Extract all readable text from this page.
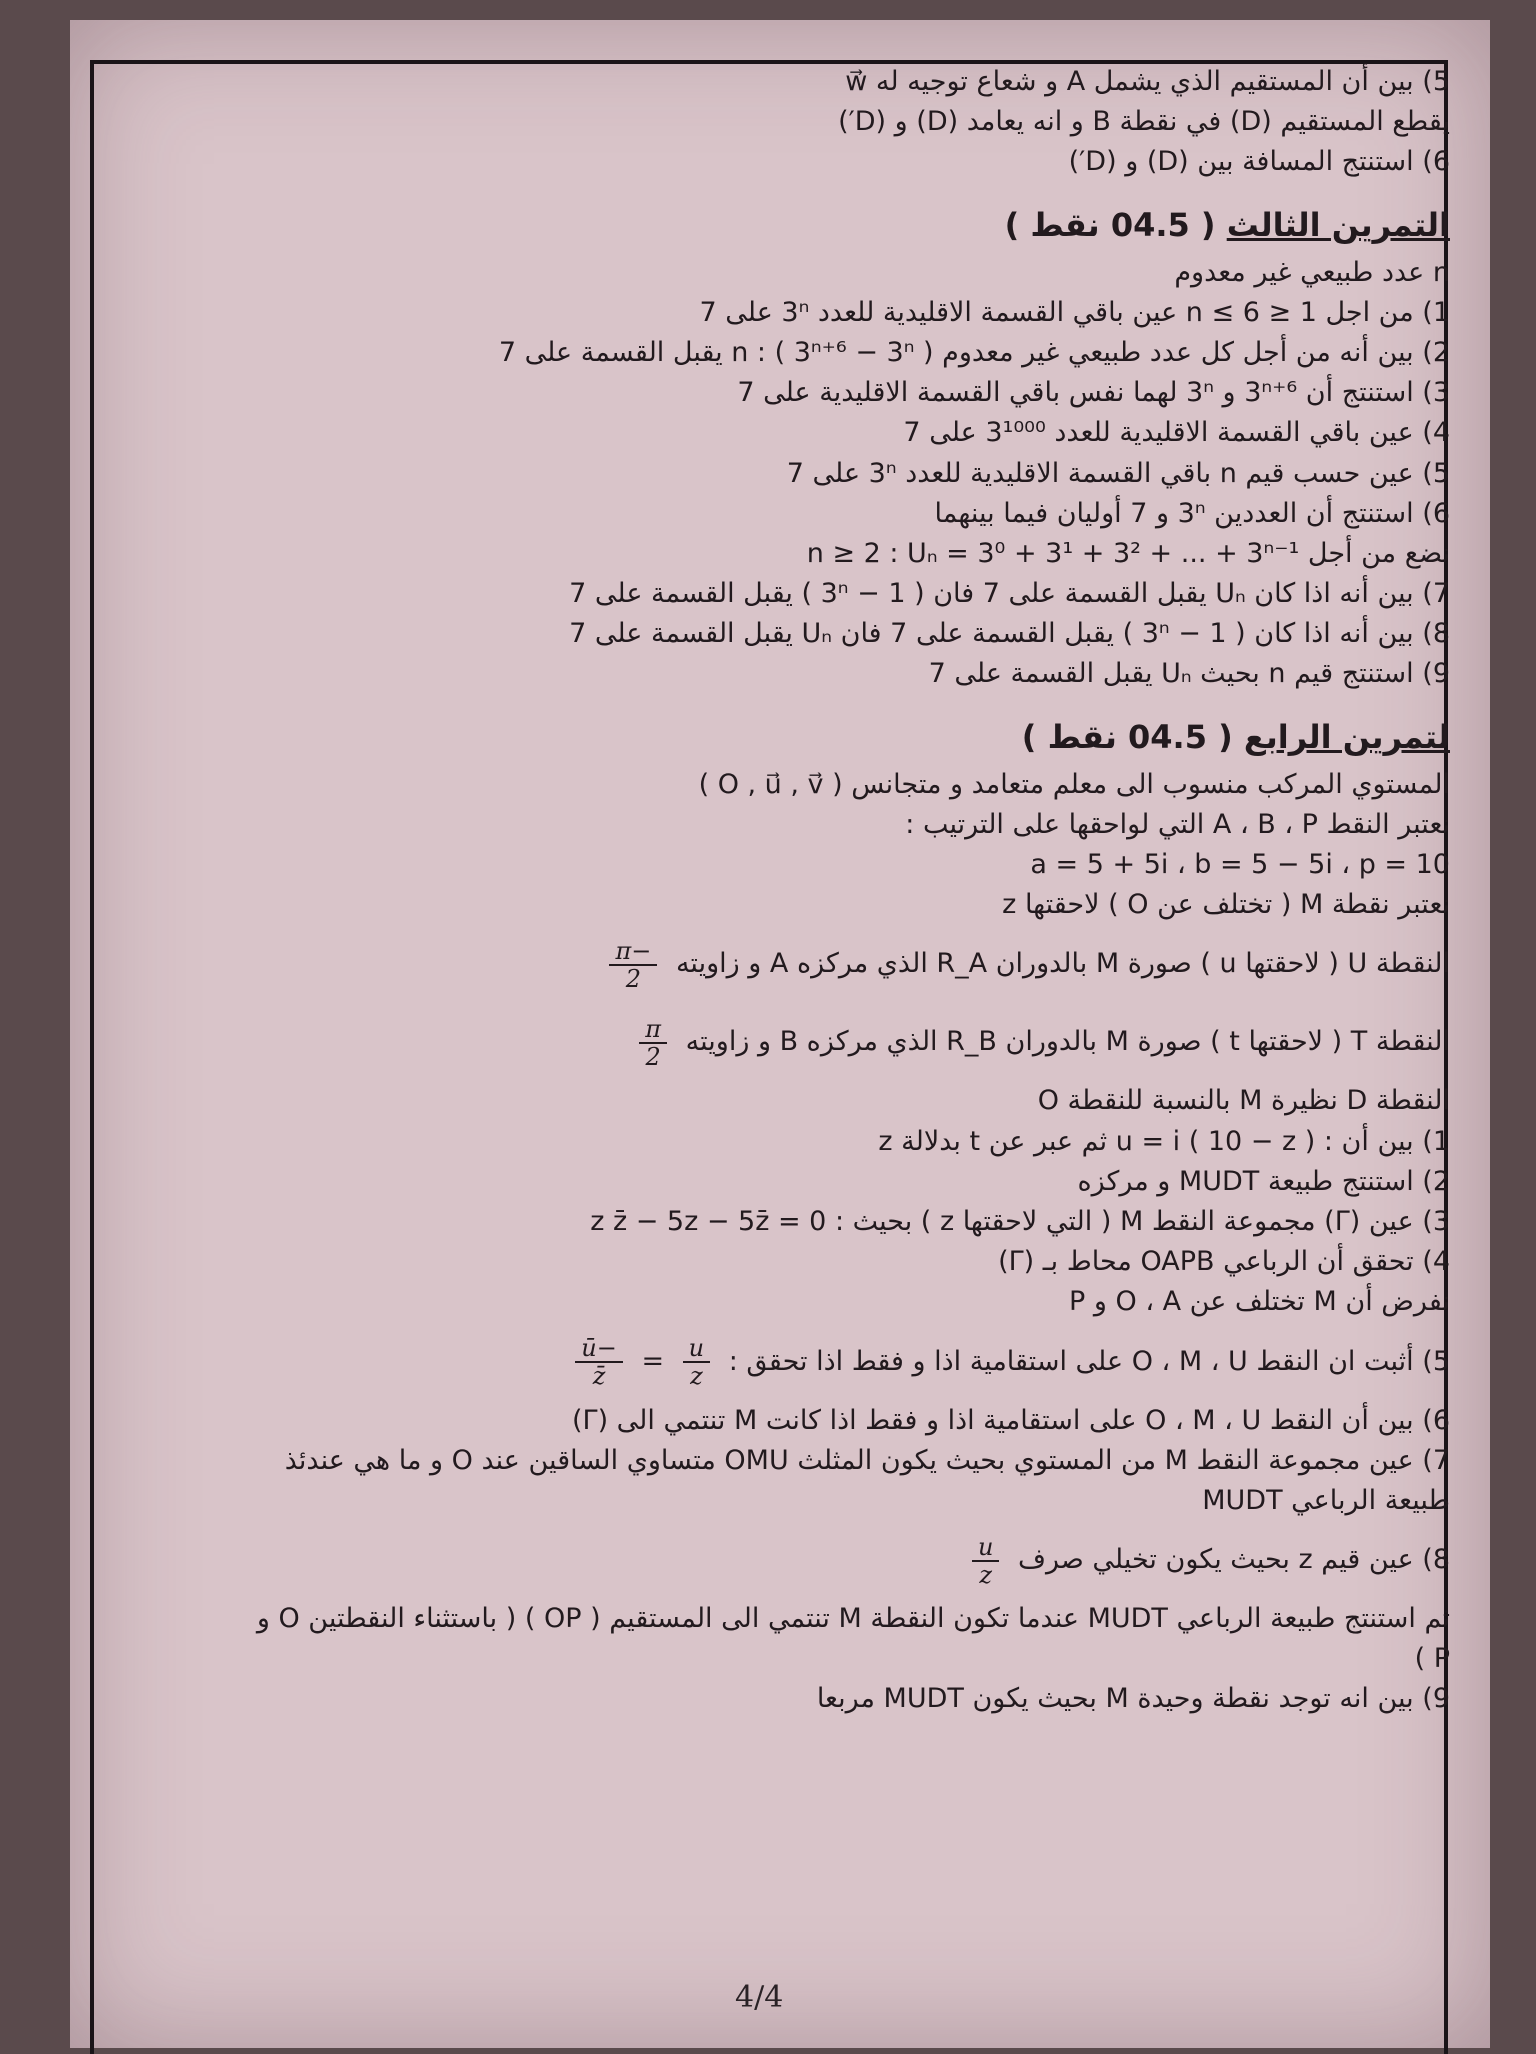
5) بين أن المستقيم الذي يشمل A و شعاع توجيه له w⃗
يقطع المستقيم (D) في نقطة B و انه يعامد (D) و (D′)
6) استنتج المسافة بين (D) و (D′)
التمرين الثالث ( 04.5 نقط )
n عدد طبيعي غير معدوم
1) من اجل 1 ≤ n ≤ 6 عين باقي القسمة الاقليدية للعدد 3ⁿ على 7
2) بين أنه من أجل كل عدد طبيعي غير معدوم n : ( 3ⁿ⁺⁶ − 3ⁿ ) يقبل القسمة على 7
3) استنتج أن 3ⁿ⁺⁶ و 3ⁿ لهما نفس باقي القسمة الاقليدية على 7
4) عين باقي القسمة الاقليدية للعدد 3¹⁰⁰⁰ على 7
5) عين حسب قيم n باقي القسمة الاقليدية للعدد 3ⁿ على 7
6) استنتج أن العددين 3ⁿ و 7 أوليان فيما بينهما
نضع من أجل n ≥ 2 : Uₙ = 3⁰ + 3¹ + 3² + ... + 3ⁿ⁻¹
7) بين أنه اذا كان Uₙ يقبل القسمة على 7 فان ( 3ⁿ − 1 ) يقبل القسمة على 7
8) بين أنه اذا كان ( 3ⁿ − 1 ) يقبل القسمة على 7 فان Uₙ يقبل القسمة على 7
9) استنتج قيم n بحيث Uₙ يقبل القسمة على 7
لتمرين الرابع ( 04.5 نقط )
المستوي المركب منسوب الى معلم متعامد و متجانس ( O , u⃗ , v⃗ )
نعتبر النقط A ، B ، P التي لواحقها على الترتيب :
a = 5 + 5i ، b = 5 − 5i ، p = 10
نعتبر نقطة M ( تختلف عن O ) لاحقتها z
النقطة U ( لاحقتها u ) صورة M بالدوران R_A الذي مركزه A و زاويته
$\frac{-\pi}{2}$
النقطة T ( لاحقتها t ) صورة M بالدوران R_B الذي مركزه B و زاويته
$\frac{\pi}{2}$
النقطة D نظيرة M بالنسبة للنقطة O
1) بين أن : u = i ( 10 − z ) ثم عبر عن t بدلالة z
2) استنتج طبيعة MUDT و مركزه
3) عين (Γ) مجموعة النقط M ( التي لاحقتها z ) بحيث : z z̄ − 5z − 5z̄ = 0
4) تحقق أن الرباعي OAPB محاط بـ (Γ)
نفرض أن M تختلف عن O ، A و P
5) أثبت ان النقط O ، M ، U على استقامية اذا و فقط اذا تحقق :
$\frac{u}{z}$
=
$\frac{-ū}{z̄}$
6) بين أن النقط O ، M ، U على استقامية اذا و فقط اذا كانت M تنتمي الى (Γ)
7) عين مجموعة النقط M من المستوي بحيث يكون المثلث OMU متساوي الساقين عند O و ما هي عندئذ
طبيعة الرباعي MUDT
8) عين قيم z بحيث يكون تخيلي صرف
$\frac{u}{z}$
ثم استنتج طبيعة الرباعي MUDT عندما تكون النقطة M تنتمي الى المستقيم ( OP ) ( باستثناء النقطتين O و
P )
9) بين انه توجد نقطة وحيدة M بحيث يكون MUDT مربعا
4/4
